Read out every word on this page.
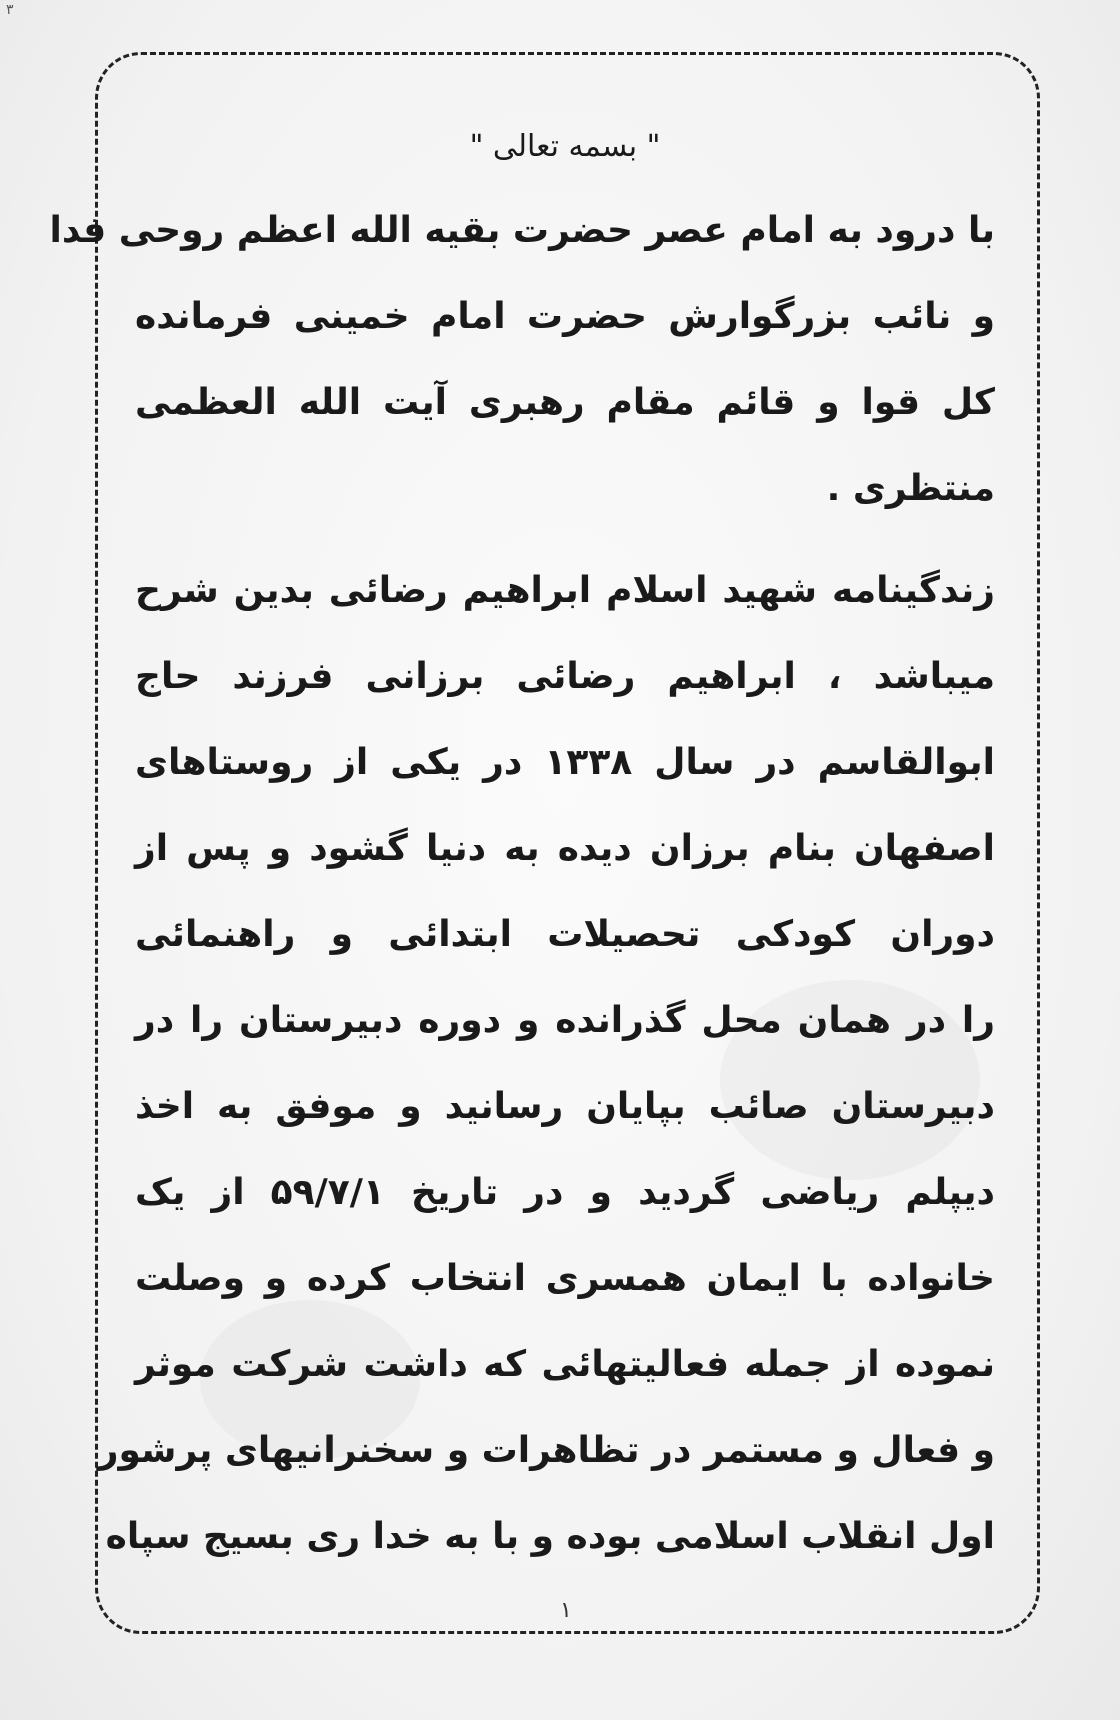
۳
" بسمه تعالی "
با درود به امام عصر حضرت بقیه الله اعظم روحی فدا
و نائب بزرگوارش حضرت امام خمینی فرمانده
کل قوا و قائم مقام رهبری آیت الله العظمی
منتظری .
زندگینامه شهید اسلام ابراهیم رضائی بدین شرح
میباشد ، ابراهیم رضائی برزانی فرزند حاج
ابوالقاسم در سال ۱۳۳۸ در یکی از روستاهای
اصفهان بنام برزان دیده به دنیا گشود و پس از
دوران کودکی تحصیلات ابتدائی و راهنمائی
را در همان محل گذرانده و دوره دبیرستان را در
دبیرستان صائب بپایان رسانید و موفق به اخذ
دیپلم ریاضی گردید و در تاریخ ۵۹/۷/۱ از یک
خانواده با ایمان همسری انتخاب کرده و وصلت
نموده از جمله فعالیتهائی که داشت شرکت موثر
و فعال و مستمر در تظاهرات و سخنرانیهای پرشور
اول انقلاب اسلامی بوده و با به خدا ری بسیج سپاه
۱
